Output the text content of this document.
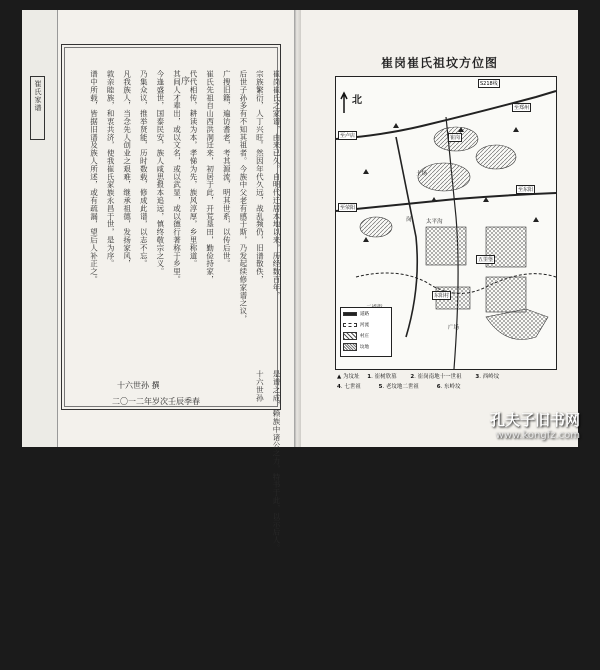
崔氏家谱	序	崔岗崔氏之家谱，由来已久。自明代迁居本地以来，历经数百年， 宗族繁衍，人丁兴旺。然因年代久远，战乱频仍，旧谱散佚， 后世子孙多有不知其祖者。今族中父老有感于斯，乃发起续修家谱之议， 广搜旧籍，遍访耆老，考其源流，明其世系，以传后世。 崔氏先祖自山西洪洞迁来，初居于此，开荒垦田，勤俭持家， 代代相传，耕读为本，孝悌为先，族风淳厚，乡里称道。 其间人才辈出，或以文名，或以武显，或以德行著称于乡里。 今逢盛世，国泰民安，族人咸思报本追远，慎终敬宗之义。 乃集众议，推举贤能，历时数载，修成此谱，以志不忘。 凡我族人，当念先人创业之艰难，继承祖德，发扬家风， 敦亲睦族，和衷共济，使我崔氏家族永昌于世，是为序。 谱中所载，皆据旧谱及族人所述，或有疏漏，望后人补正之。 是谱之成，赖族中诸公之力，特书于此，以示后人。 十六世孙
十六世孙 撰
二〇一二年岁次壬辰季春
崔岗崔氏祖坟方位图
北
S218线
至郑州
至卢店
至荥阳
至东阳
岗
崔岗
太平沟
广场
东阳村
土场
五里堡
道路
河流
村庄
坟地
▲ 为坟址 1. 崔树欣墓	2. 崔岗南地十一世祖	3. 西岭坟
4. 七世祖	5. 老坟地二世祖	6. 东岭坟
孔夫子旧书网
www.kongfz.com
